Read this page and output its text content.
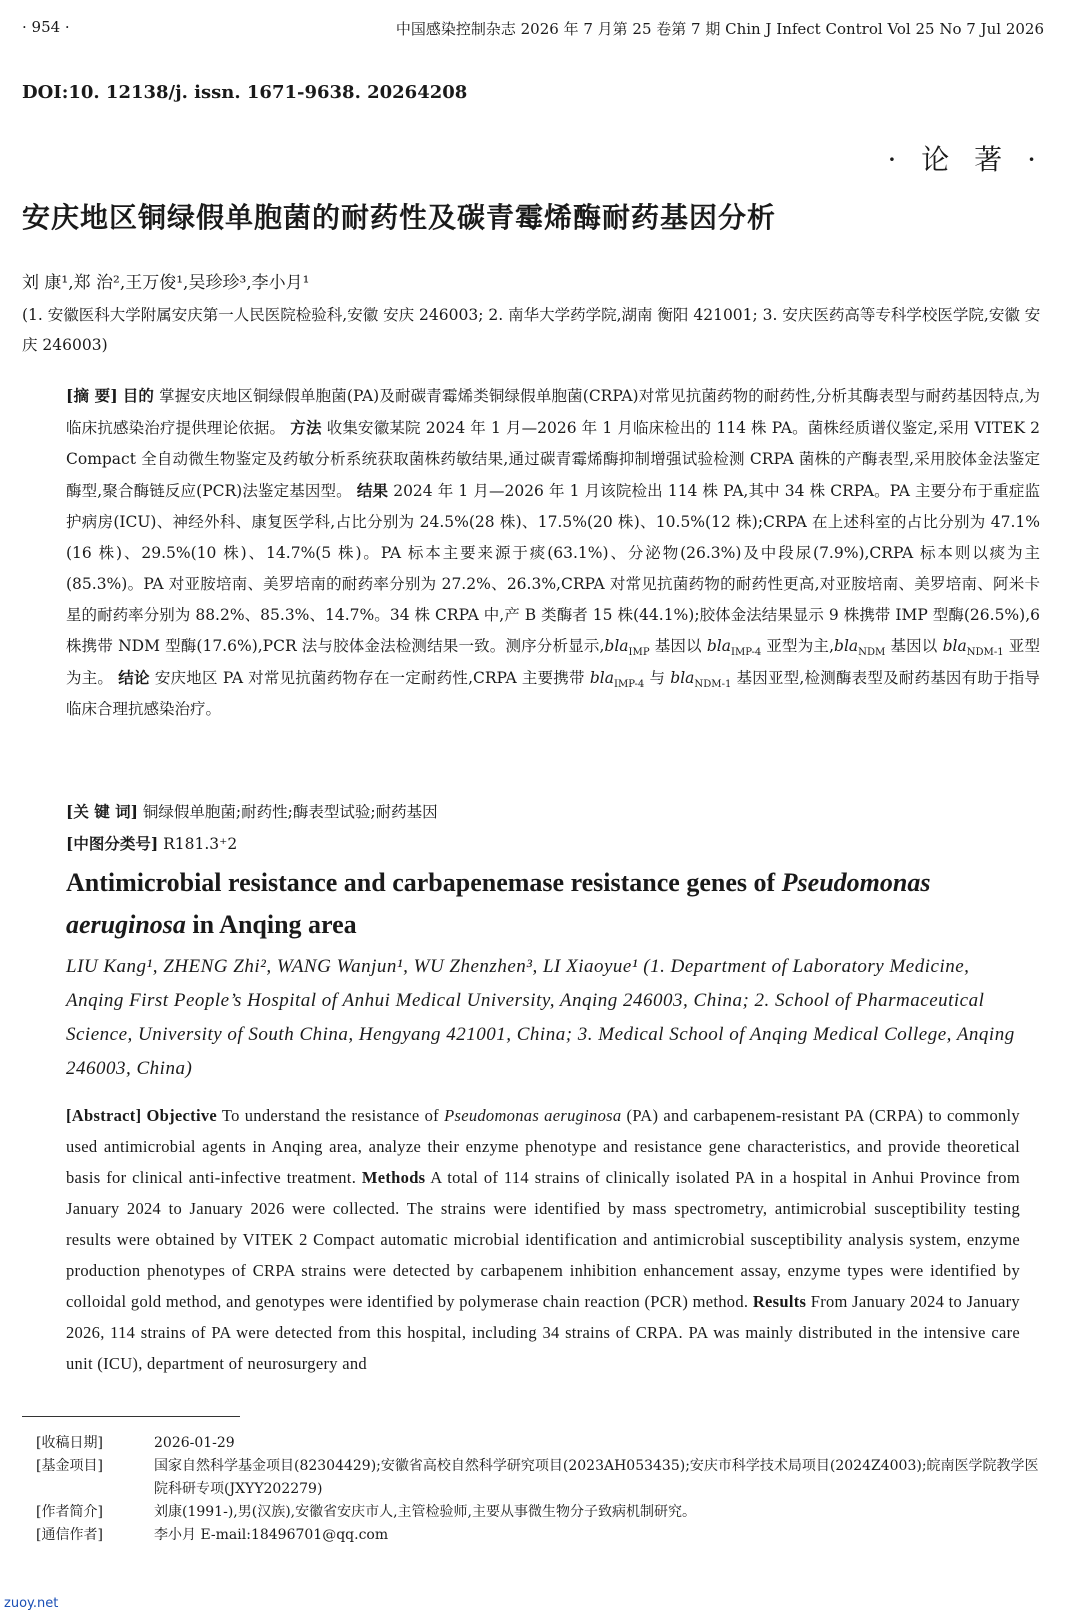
· 954 ·	中国感染控制杂志 2026 年 7 月第 25 卷第 7 期 Chin J Infect Control Vol 25 No 7 Jul 2026
DOI:10. 12138/j. issn. 1671-9638. 20264208
· 论 著 ·
安庆地区铜绿假单胞菌的耐药性及碳青霉烯酶耐药基因分析
刘 康¹,郑 治²,王万俊¹,吴珍珍³,李小月¹
(1. 安徽医科大学附属安庆第一人民医院检验科,安徽 安庆 246003; 2. 南华大学药学院,湖南 衡阳 421001; 3. 安庆医药高等专科学校医学院,安徽 安庆 246003)
[摘 要] 目的 掌握安庆地区铜绿假单胞菌(PA)及耐碳青霉烯类铜绿假单胞菌(CRPA)对常见抗菌药物的耐药性,分析其酶表型与耐药基因特点,为临床抗感染治疗提供理论依据。 方法 收集安徽某院 2024 年 1 月—2026 年 1 月临床检出的 114 株 PA。菌株经质谱仪鉴定,采用 VITEK 2 Compact 全自动微生物鉴定及药敏分析系统获取菌株药敏结果,通过碳青霉烯酶抑制增强试验检测 CRPA 菌株的产酶表型,采用胶体金法鉴定酶型,聚合酶链反应(PCR)法鉴定基因型。 结果 2024 年 1 月—2026 年 1 月该院检出 114 株 PA,其中 34 株 CRPA。PA 主要分布于重症监护病房(ICU)、神经外科、康复医学科,占比分别为 24.5%(28 株)、17.5%(20 株)、10.5%(12 株);CRPA 在上述科室的占比分别为 47.1%(16 株)、29.5%(10 株)、14.7%(5 株)。PA 标本主要来源于痰(63.1%)、分泌物(26.3%)及中段尿(7.9%),CRPA 标本则以痰为主(85.3%)。PA 对亚胺培南、美罗培南的耐药率分别为 27.2%、26.3%,CRPA 对常见抗菌药物的耐药性更高,对亚胺培南、美罗培南、阿米卡星的耐药率分别为 88.2%、85.3%、14.7%。34 株 CRPA 中,产 B 类酶者 15 株(44.1%);胶体金法结果显示 9 株携带 IMP 型酶(26.5%),6 株携带 NDM 型酶(17.6%),PCR 法与胶体金法检测结果一致。测序分析显示,bla$_{IMP}$ 基因以 bla$_{IMP-4}$ 亚型为主,bla$_{NDM}$ 基因以 bla$_{NDM-1}$ 亚型为主。 结论 安庆地区 PA 对常见抗菌药物存在一定耐药性,CRPA 主要携带 bla$_{IMP-4}$ 与 bla$_{NDM-1}$ 基因亚型,检测酶表型及耐药基因有助于指导临床合理抗感染治疗。
[关 键 词] 铜绿假单胞菌;耐药性;酶表型试验;耐药基因
[中图分类号] R181.3⁺2
Antimicrobial resistance and carbapenemase resistance genes of Pseudomonas aeruginosa in Anqing area
LIU Kang¹, ZHENG Zhi², WANG Wanjun¹, WU Zhenzhen³, LI Xiaoyue¹ (1. Department of Laboratory Medicine, Anqing First People’s Hospital of Anhui Medical University, Anqing 246003, China; 2. School of Pharmaceutical Science, University of South China, Hengyang 421001, China; 3. Medical School of Anqing Medical College, Anqing 246003, China)
[Abstract] Objective To understand the resistance of Pseudomonas aeruginosa (PA) and carbapenem-resistant PA (CRPA) to commonly used antimicrobial agents in Anqing area, analyze their enzyme phenotype and resistance gene characteristics, and provide theoretical basis for clinical anti-infective treatment. Methods A total of 114 strains of clinically isolated PA in a hospital in Anhui Province from January 2024 to January 2026 were collected. The strains were identified by mass spectrometry, antimicrobial susceptibility testing results were obtained by VITEK 2 Compact automatic microbial identification and antimicrobial susceptibility analysis system, enzyme production phenotypes of CRPA strains were detected by carbapenem inhibition enhancement assay, enzyme types were identified by colloidal gold method, and genotypes were identified by polymerase chain reaction (PCR) method. Results From January 2024 to January 2026, 114 strains of PA were detected from this hospital, including 34 strains of CRPA. PA was mainly distributed in the intensive care unit (ICU), department of neurosurgery and
[收稿日期]	2026-01-29
[基金项目]	国家自然科学基金项目(82304429);安徽省高校自然科学研究项目(2023AH053435);安庆市科学技术局项目(2024Z4003);皖南医学院教学医院科研专项(JXYY202279)
[作者简介]	刘康(1991-),男(汉族),安徽省安庆市人,主管检验师,主要从事微生物分子致病机制研究。
[通信作者]	李小月 E-mail:18496701@qq.com
zuoy.net
